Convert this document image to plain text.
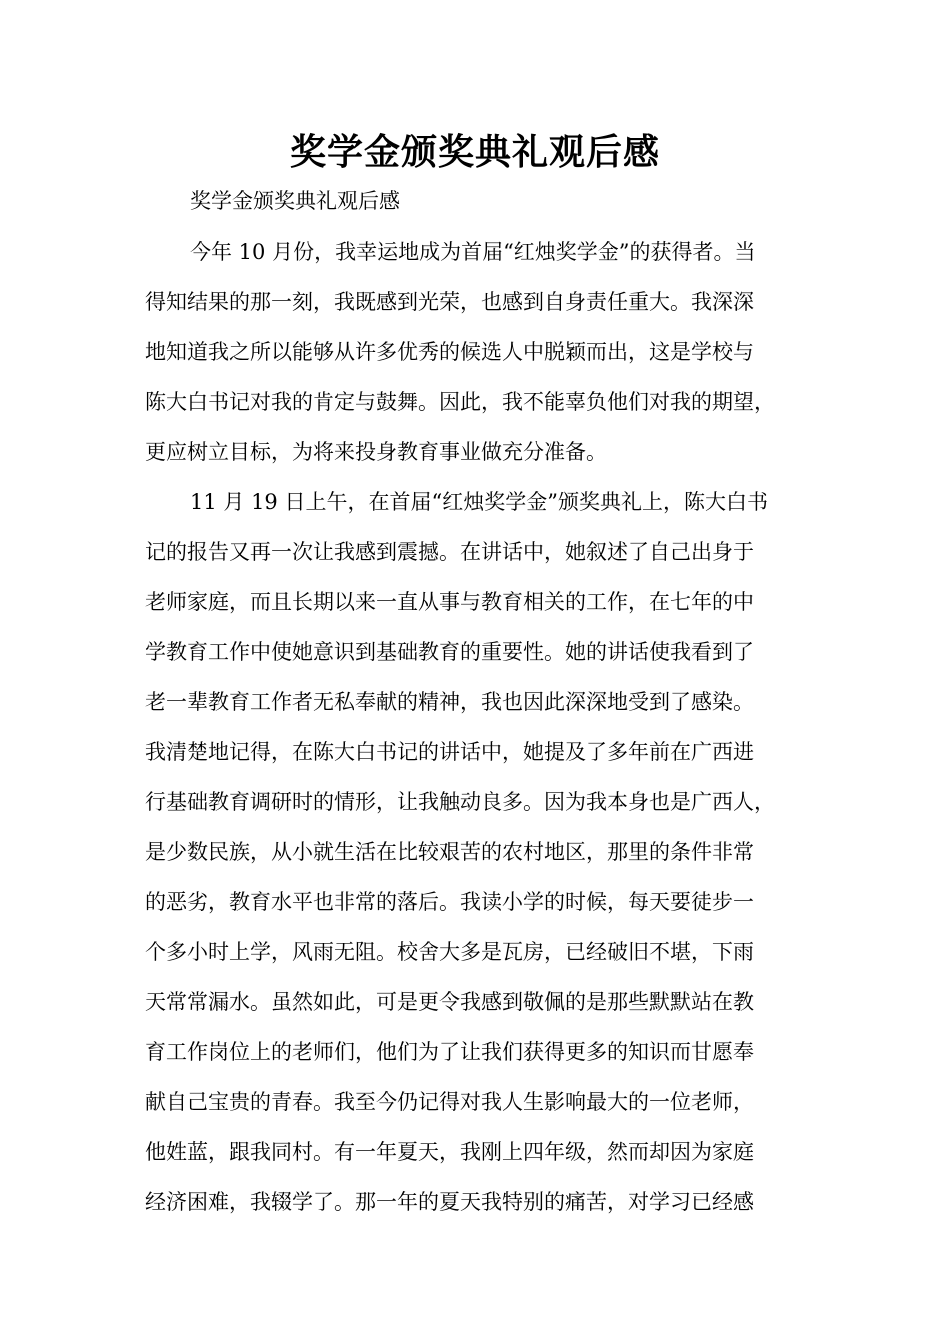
奖学金颁奖典礼观后感
奖学金颁奖典礼观后感
今年 10 月份，我幸运地成为首届“红烛奖学金”的获得者。当
得知结果的那一刻，我既感到光荣，也感到自身责任重大。我深深
地知道我之所以能够从许多优秀的候选人中脱颖而出，这是学校与
陈大白书记对我的肯定与鼓舞。因此，我不能辜负他们对我的期望，
更应树立目标，为将来投身教育事业做充分准备。
11 月 19 日上午，在首届“红烛奖学金”颁奖典礼上，陈大白书
记的报告又再一次让我感到震撼。在讲话中，她叙述了自己出身于
老师家庭，而且长期以来一直从事与教育相关的工作，在七年的中
学教育工作中使她意识到基础教育的重要性。她的讲话使我看到了
老一辈教育工作者无私奉献的精神，我也因此深深地受到了感染。
我清楚地记得，在陈大白书记的讲话中，她提及了多年前在广西进
行基础教育调研时的情形，让我触动良多。因为我本身也是广西人，
是少数民族，从小就生活在比较艰苦的农村地区，那里的条件非常
的恶劣，教育水平也非常的落后。我读小学的时候，每天要徒步一
个多小时上学，风雨无阻。校舍大多是瓦房，已经破旧不堪，下雨
天常常漏水。虽然如此，可是更令我感到敬佩的是那些默默站在教
育工作岗位上的老师们，他们为了让我们获得更多的知识而甘愿奉
献自己宝贵的青春。我至今仍记得对我人生影响最大的一位老师，
他姓蓝，跟我同村。有一年夏天，我刚上四年级，然而却因为家庭
经济困难，我辍学了。那一年的夏天我特别的痛苦，对学习已经感
